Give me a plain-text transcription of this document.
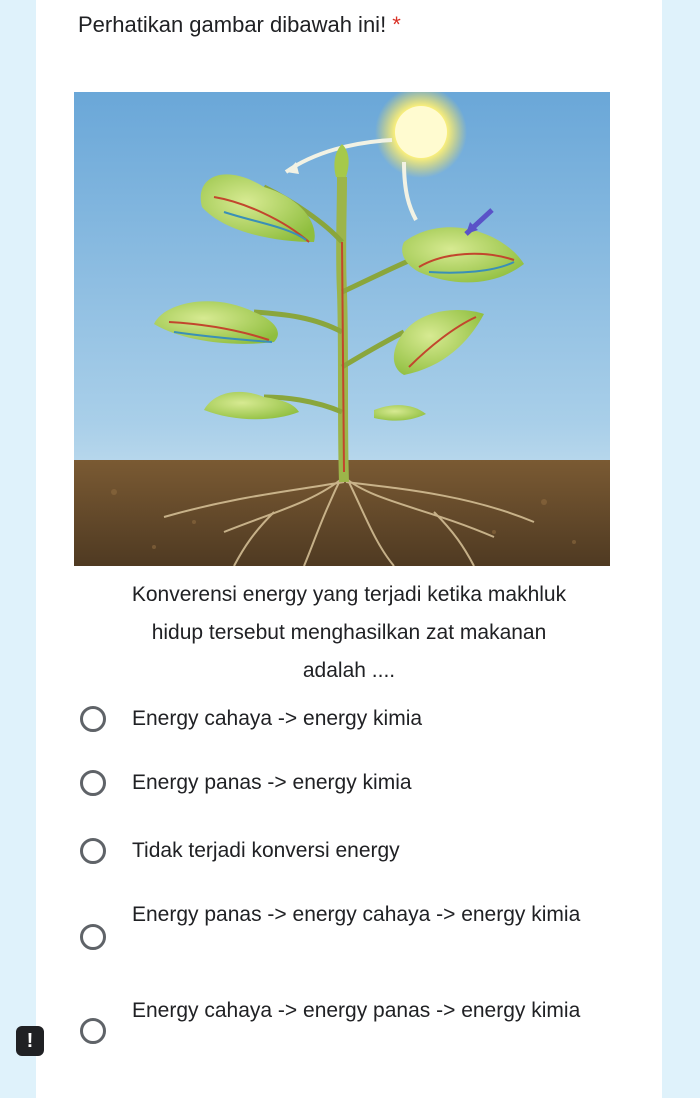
Perhatikan gambar dibawah ini! *
Konverensi energy yang terjadi ketika makhluk
hidup tersebut menghasilkan zat makanan
adalah ....
Energy cahaya -> energy kimia
Energy panas -> energy kimia
Tidak terjadi konversi energy
Energy panas -> energy cahaya -> energy kimia
Energy cahaya -> energy panas -> energy kimia
!
